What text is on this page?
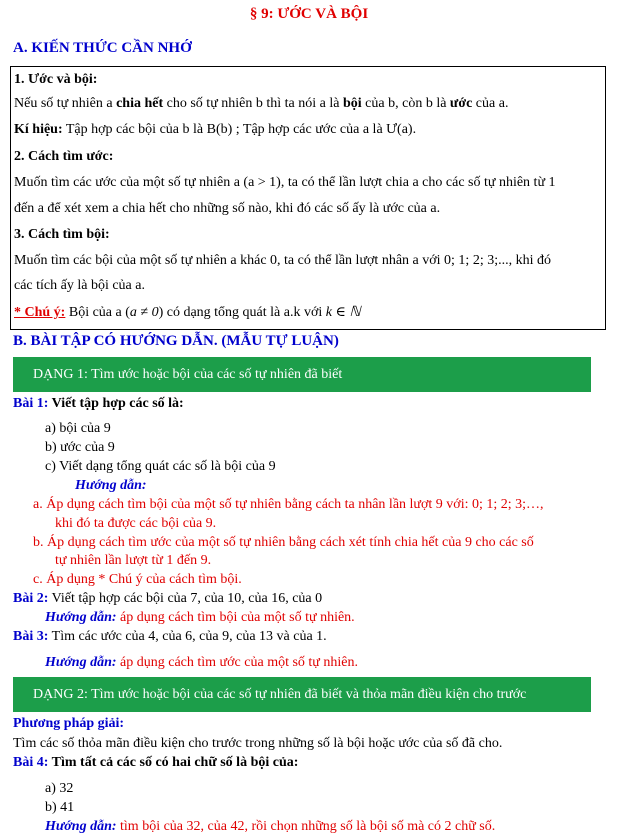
§ 9: ƯỚC VÀ BỘI
A. KIẾN THỨC CẦN NHỚ
1. Ước và bội:
Nếu số tự nhiên a chia hết cho số tự nhiên b thì ta nói a là bội của b, còn b là ước của a.
Kí hiệu: Tập hợp các bội của b là B(b) ; Tập hợp các ước của a là Ư(a).
2. Cách tìm ước:
Muốn tìm các ước của một số tự nhiên a (a > 1), ta có thể lần lượt chia a cho các số tự nhiên từ 1
đến a để xét xem a chia hết cho những số nào, khi đó các số ấy là ước của a.
3. Cách tìm bội:
Muốn tìm các bội của một số tự nhiên a khác 0, ta có thể lần lượt nhân a với 0; 1; 2; 3;..., khi đó
các tích ấy là bội của a.
* Chú ý: Bội của a (a ≠ 0) có dạng tổng quát là a.k với k ∈ ℕ
B. BÀI TẬP CÓ HƯỚNG DẪN. (MẪU TỰ LUẬN)
DẠNG 1: Tìm ước hoặc bội của các số tự nhiên đã biết
Bài 1: Viết tập hợp các số là:
a) bội của 9
b) ước của 9
c) Viết dạng tổng quát các số là bội của 9
Hướng dẫn:
a. Áp dụng cách tìm bội của một số tự nhiên bằng cách ta nhân lần lượt 9 với: 0; 1; 2; 3;…,
khi đó ta được các bội của 9.
b. Áp dụng cách tìm ước của một số tự nhiên bằng cách xét tính chia hết của 9 cho các số
tự nhiên lần lượt từ 1 đến 9.
c. Áp dụng * Chú ý của cách tìm bội.
Bài 2: Viết tập hợp các bội của 7, của 10, của 16, của 0
Hướng dẫn: áp dụng cách tìm bội của một số tự nhiên.
Bài 3: Tìm các ước của 4, của 6, của 9, của 13 và của 1.
Hướng dẫn: áp dụng cách tìm ước của một số tự nhiên.
DẠNG 2: Tìm ước hoặc bội của các số tự nhiên đã biết và thỏa mãn điều kiện cho trước
Phương pháp giải:
Tìm các số thỏa mãn điều kiện cho trước trong những số là bội hoặc ước của số đã cho.
Bài 4: Tìm tất cả các số có hai chữ số là bội của:
a) 32
b) 41
Hướng dẫn: tìm bội của 32, của 42, rồi chọn những số là bội số mà có 2 chữ số.
